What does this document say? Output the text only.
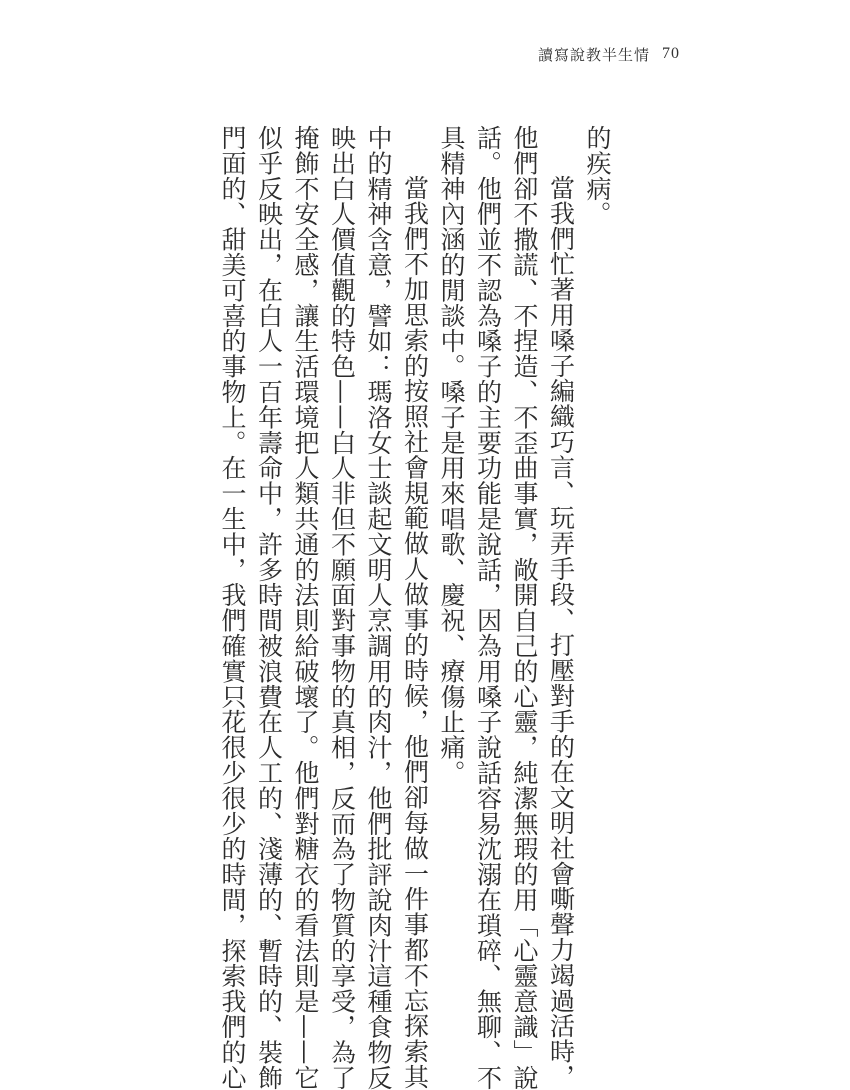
讀寫說教半生情 70

的疾病。

當我們忙著用嗓子編織巧言、玩弄手段、打壓對手的在文明社會嘶聲力竭過活時，
他們卻不撒謊、不捏造、不歪曲事實，敞開自己的心靈，純潔無瑕的用「心靈意識」說
話。他們並不認為嗓子的主要功能是說話，因為用嗓子說話容易沈溺在瑣碎、無聊、不
具精神內涵的閒談中。嗓子是用來唱歌、慶祝、療傷止痛。

當我們不加思索的按照社會規範做人做事的時候，他們卻每做一件事都不忘探索其
中的精神含意，譬如：瑪洛女士談起文明人烹調用的肉汁，他們批評說肉汁這種食物反
映出白人價值觀的特色——白人非但不願面對事物的真相，反而為了物質的享受，為了
掩飾不安全感，讓生活環境把人類共通的法則給破壞了。他們對糖衣的看法則是——它
似乎反映出，在白人一百年壽命中，許多時間被浪費在人工的、淺薄的、暫時的、裝飾
門面的、甜美可喜的事物上。在一生中，我們確實只花很少很少的時間，探索我們的心
